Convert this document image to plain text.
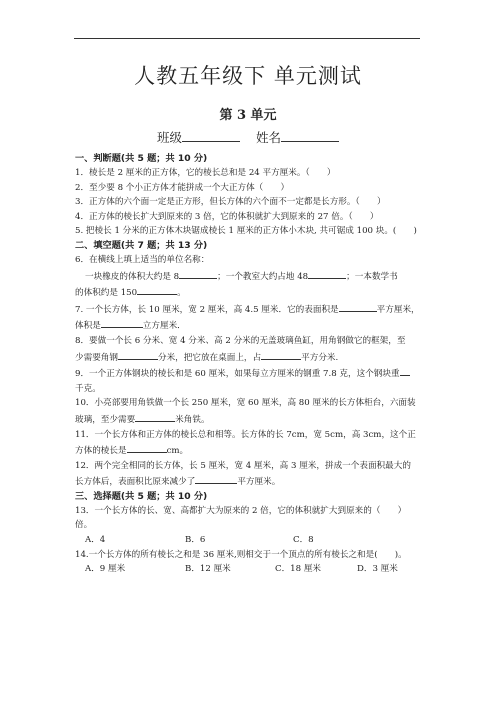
人教五年级下 单元测试
第 3 单元
班级	姓名
一、判断题(共 5 题；共 10 分)
1．棱长是 2 厘米的正方体，它的棱长总和是 24 平方厘米。（　　）
2．至少要 8 个小正方体才能拼成一个大正方体（　　）
3．正方体的六个面一定是正方形，但长方体的六个面不一定都是长方形。（　　）
4．正方体的棱长扩大到原来的 3 倍，它的体积就扩大到原来的 27 倍。（　　）
5. 把棱长 1 分米的正方体木块锯成棱长 1 厘米的正方体小木块, 共可锯成 100 块。(　　)
二、填空题(共 7 题；共 13 分)
6．在横线上填上适当的单位名称：
一块橡皮的体积大约是 8	；一个教室大约占地 48	；一本数学书
的体积约是 150	。
7. 一个长方体，长 10 厘米，宽 2 厘米，高 4.5 厘米．它的表面积是	平方厘米，
体积是	立方厘米．
8．要做一个长 6 分米、宽 4 分米、高 2 分米的无盖玻璃鱼缸，用角钢做它的框架，至
少需要角钢	分米，把它放在桌面上，占	平方分米.
9．一个正方体钢块的棱长和是 60 厘米，如果每立方厘米的钢重 7.8 克，这个钢块重
千克。
10．小亮部要用角铁做一个长 250 厘米，宽 60 厘米，高 80 厘米的长方体柜台，六面装
玻璃，至少需要	米角铁。
11．一个长方体和正方体的棱长总和相等。长方体的长 7cm，宽 5cm，高 3cm，这个正
方体的棱长是	cm。
12．两个完全相同的长方体，长 5 厘米，宽 4 厘米，高 3 厘米，拼成一个表面积最大的
长方体后，表面积比原来减少了	平方厘米。
三、选择题(共 5 题；共 10 分)
13．一个长方体的长、宽、高都扩大为原来的 2 倍，它的体积就扩大到原来的（　　）
倍。
A．4	B．6	C．8
14.一个长方体的所有棱长之和是 36 厘米,则相交于一个顶点的所有棱长之和是(　　)。
A．9 厘米	B．12 厘米	C．18 厘米	D．3 厘米
